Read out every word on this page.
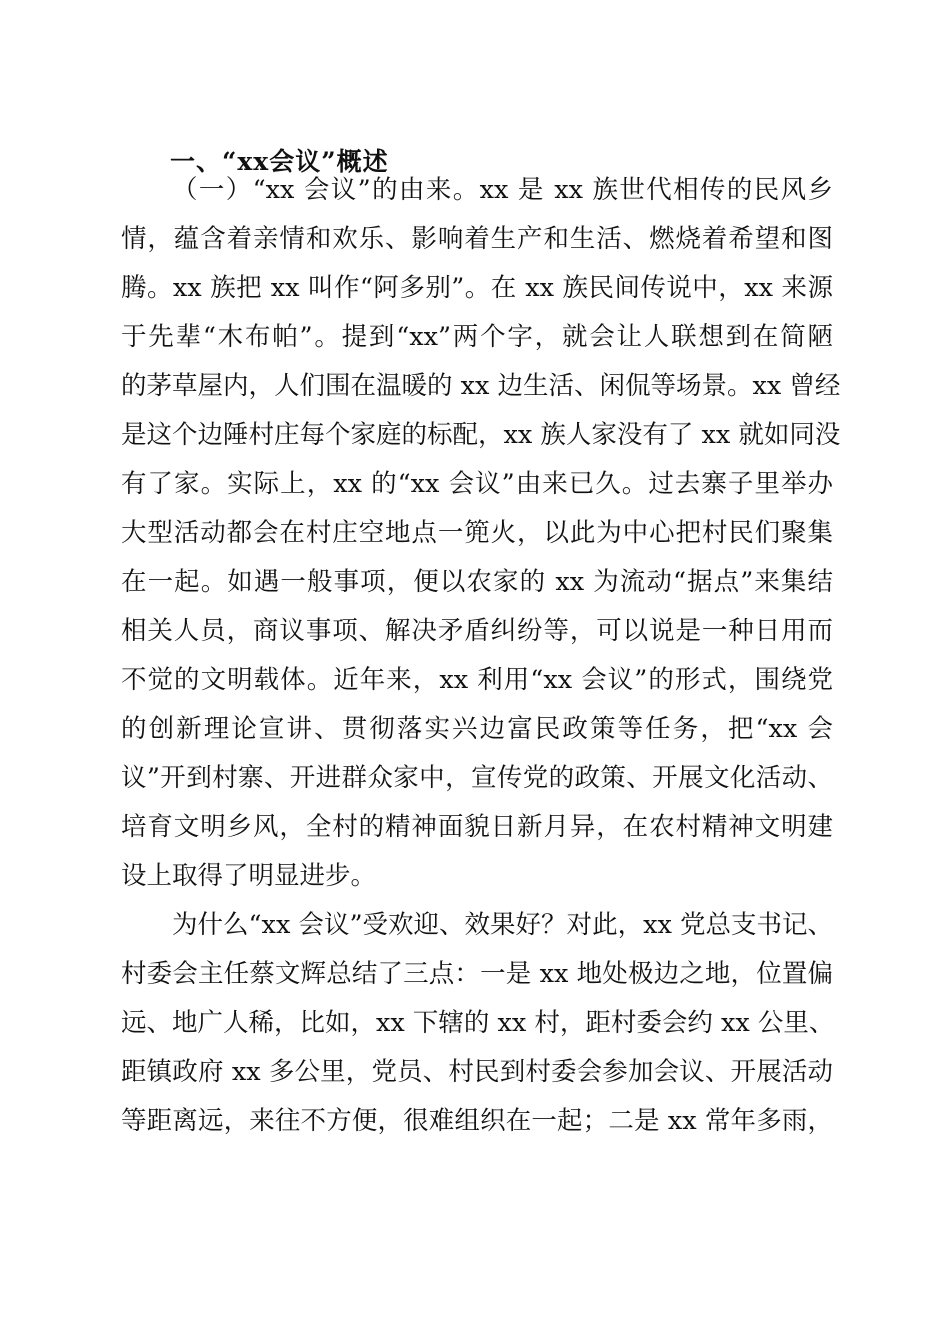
一、“xx会议”概述
（一）“xx 会议”的由来。xx 是 xx 族世代相传的民风乡
情，蕴含着亲情和欢乐、影响着生产和生活、燃烧着希望和图
腾。xx 族把 xx 叫作“阿多别”。在 xx 族民间传说中，xx 来源
于先辈“木布帕”。提到“xx”两个字，就会让人联想到在简陋
的茅草屋内，人们围在温暖的 xx 边生活、闲侃等场景。xx 曾经
是这个边陲村庄每个家庭的标配，xx 族人家没有了 xx 就如同没
有了家。实际上，xx 的“xx 会议”由来已久。过去寨子里举办
大型活动都会在村庄空地点一篼火，以此为中心把村民们聚集
在一起。如遇一般事项，便以农家的 xx 为流动“据点”来集结
相关人员，商议事项、解决矛盾纠纷等，可以说是一种日用而
不觉的文明载体。近年来，xx 利用“xx 会议”的形式，围绕党
的创新理论宣讲、贯彻落实兴边富民政策等任务，把“xx 会
议”开到村寨、开进群众家中，宣传党的政策、开展文化活动、
培育文明乡风，全村的精神面貌日新月异，在农村精神文明建
设上取得了明显进步。
为什么“xx 会议”受欢迎、效果好？对此，xx 党总支书记、
村委会主任蔡文辉总结了三点：一是 xx 地处极边之地，位置偏
远、地广人稀，比如，xx 下辖的 xx 村，距村委会约 xx 公里、
距镇政府 xx 多公里，党员、村民到村委会参加会议、开展活动
等距离远，来往不方便，很难组织在一起；二是 xx 常年多雨，
